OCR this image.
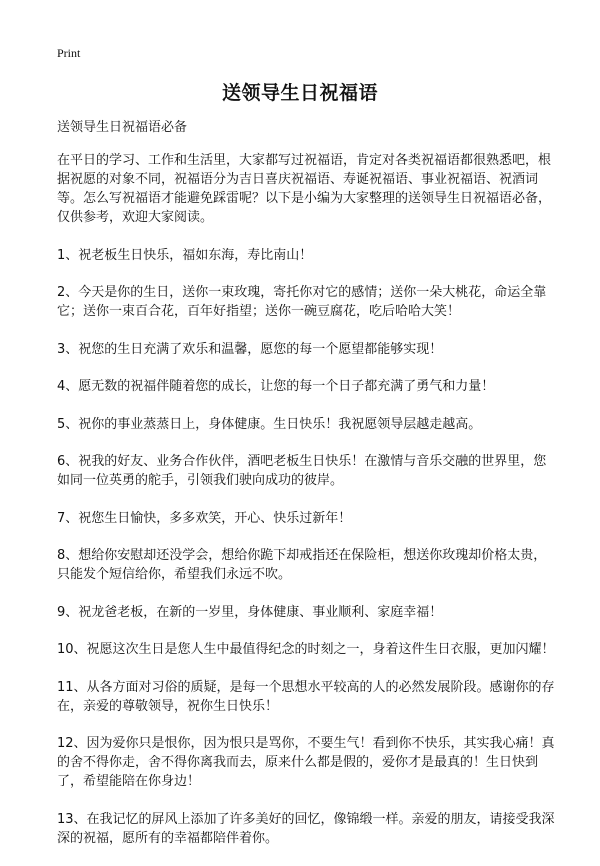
Print
送领导生日祝福语

送领导生日祝福语必备

在平日的学习、工作和生活里，大家都写过祝福语，肯定对各类祝福语都很熟悉吧，根据祝愿的对象不同，祝福语分为吉日喜庆祝福语、寿诞祝福语、事业祝福语、祝酒词等。怎么写祝福语才能避免踩雷呢？以下是小编为大家整理的送领导生日祝福语必备，仅供参考，欢迎大家阅读。

1、祝老板生日快乐，福如东海，寿比南山！

2、今天是你的生日，送你一束玫瑰，寄托你对它的感情；送你一朵大桃花，命运全靠它；送你一束百合花，百年好指望；送你一碗豆腐花，吃后哈哈大笑！

3、祝您的生日充满了欢乐和温馨，愿您的每一个愿望都能够实现！

4、愿无数的祝福伴随着您的成长，让您的每一个日子都充满了勇气和力量！

5、祝你的事业蒸蒸日上，身体健康。生日快乐！我祝愿领导层越走越高。

6、祝我的好友、业务合作伙伴，酒吧老板生日快乐！在激情与音乐交融的世界里，您如同一位英勇的舵手，引领我们驶向成功的彼岸。

7、祝您生日愉快，多多欢笑，开心、快乐过新年！

8、想给你安慰却还没学会，想给你跪下却戒指还在保险柜，想送你玫瑰却价格太贵，只能发个短信给你，希望我们永远不吹。

9、祝龙爸老板，在新的一岁里，身体健康、事业顺利、家庭幸福！

10、祝愿这次生日是您人生中最值得纪念的时刻之一，身着这件生日衣服，更加闪耀！

11、从各方面对习俗的质疑，是每一个思想水平较高的人的必然发展阶段。感谢你的存在，亲爱的尊敬领导，祝你生日快乐！

12、因为爱你只是恨你，因为恨只是骂你，不要生气！看到你不快乐，其实我心痛！真的舍不得你走，舍不得你离我而去，原来什么都是假的，爱你才是最真的！生日快到了，希望能陪在你身边！

13、在我记忆的屏风上添加了许多美好的回忆，像锦缎一样。亲爱的朋友，请接受我深深的祝福，愿所有的幸福都陪伴着你。
